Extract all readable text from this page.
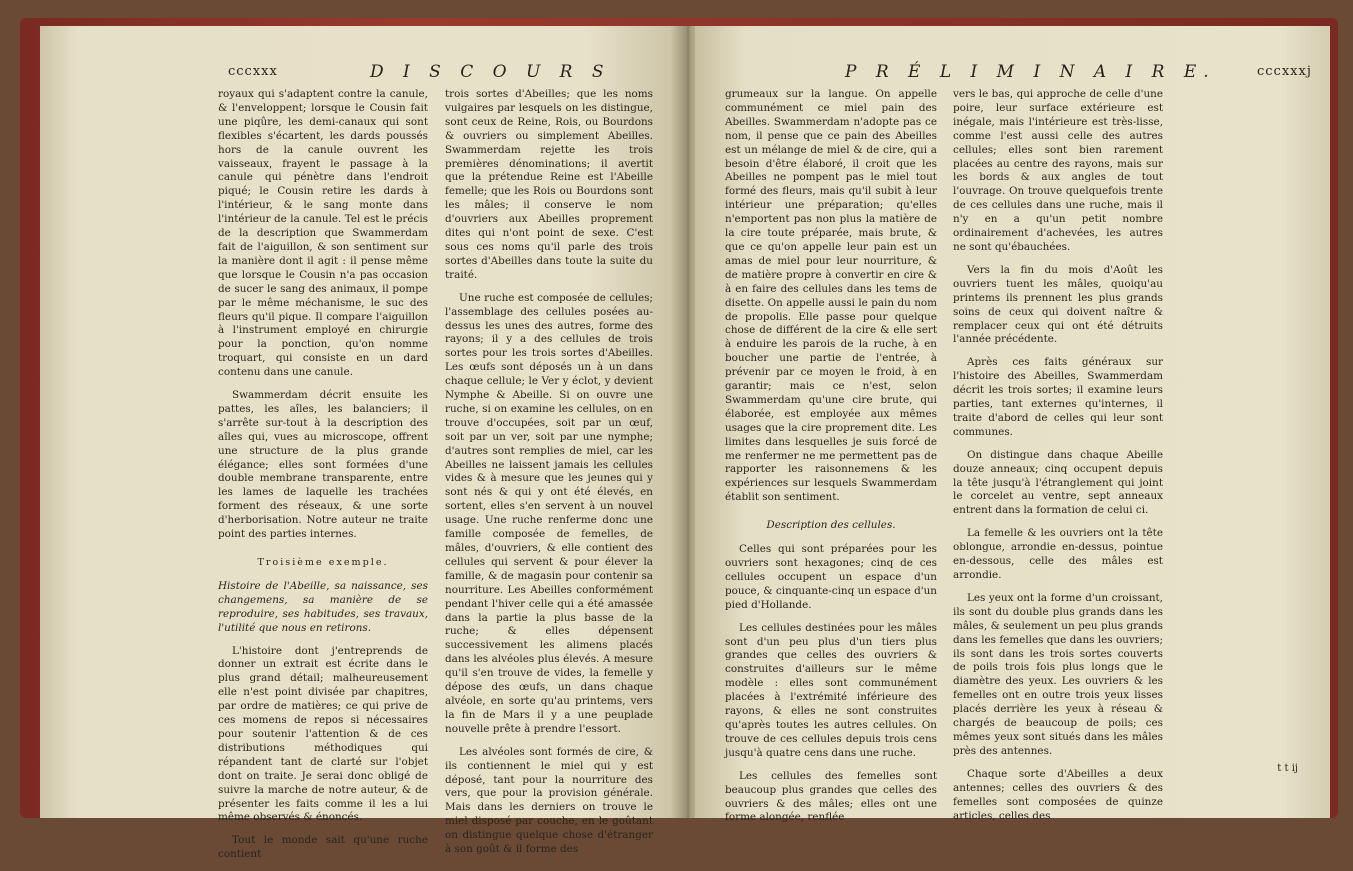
cccxxx	D I S C O U R S

royaux qui s'adaptent contre la canule, & l'enveloppent; lorsque le Cousin fait une piqûre, les demi-canaux qui sont flexibles s'écartent, les dards poussés hors de la canule ouvrent les vaisseaux, frayent le passage à la canule qui pénètre dans l'endroit piqué; le Cousin retire les dards à l'intérieur, & le sang monte dans l'intérieur de la canule. Tel est le précis de la description que Swammerdam fait de l'aiguillon, & son sentiment sur la manière dont il agit : il pense même que lorsque le Cousin n'a pas occasion de sucer le sang des animaux, il pompe par le même méchanisme, le suc des fleurs qu'il pique. Il compare l'aiguillon à l'instrument employé en chirurgie pour la ponction, qu'on nomme troquart, qui consiste en un dard contenu dans une canule.

Swammerdam décrit ensuite les pattes, les aîles, les balanciers; il s'arrête sur-tout à la description des aîles qui, vues au microscope, offrent une structure de la plus grande élégance; elles sont formées d'une double membrane transparente, entre les lames de laquelle les trachées forment des réseaux, & une sorte d'herborisation. Notre auteur ne traite point des parties internes.

Troisième exemple.

Histoire de l'Abeille, sa naissance, ses changemens, sa manière de se reproduire, ses habitudes, ses travaux, l'utilité que nous en retirons.

L'histoire dont j'entreprends de donner un extrait est écrite dans le plus grand détail; malheureusement elle n'est point divisée par chapitres, par ordre de matières; ce qui prive de ces momens de repos si nécessaires pour soutenir l'attention & de ces distributions méthodiques qui répandent tant de clarté sur l'objet dont on traite. Je serai donc obligé de suivre la marche de notre auteur, & de présenter les faits comme il les a lui même observés & énoncés.

Tout le monde sait qu'une ruche contient

trois sortes d'Abeilles; que les noms vulgaires par lesquels on les distingue, sont ceux de Reine, Rois, ou Bourdons & ouvriers ou simplement Abeilles. Swammerdam rejette les trois premières dénominations; il avertit que la prétendue Reine est l'Abeille femelle; que les Rois ou Bourdons sont les mâles; il conserve le nom d'ouvriers aux Abeilles proprement dites qui n'ont point de sexe. C'est sous ces noms qu'il parle des trois sortes d'Abeilles dans toute la suite du traité.

Une ruche est composée de cellules; l'assemblage des cellules posées au-dessus les unes des autres, forme des rayons; il y a des cellules de trois sortes pour les trois sortes d'Abeilles. Les œufs sont déposés un à un dans chaque cellule; le Ver y éclot, y devient Nymphe & Abeille. Si on ouvre une ruche, si on examine les cellules, on en trouve d'occupées, soit par un œuf, soit par un ver, soit par une nymphe; d'autres sont remplies de miel, car les Abeilles ne laissent jamais les cellules vides & à mesure que les jeunes qui y sont nés & qui y ont été élevés, en sortent, elles s'en servent à un nouvel usage. Une ruche renferme donc une famille composée de femelles, de mâles, d'ouvriers, & elle contient des cellules qui servent & pour élever la famille, & de magasin pour contenir sa nourriture. Les Abeilles conformément pendant l'hiver celle qui a été amassée dans la partie la plus basse de la ruche; & elles dépensent successivement les alimens placés dans les alvéoles plus élevés. A mesure qu'il s'en trouve de vides, la femelle y dépose des œufs, un dans chaque alvéole, en sorte qu'au printems, vers la fin de Mars il y a une peuplade nouvelle prête à prendre l'essort.

Les alvéoles sont formés de cire, & ils contiennent le miel qui y est déposé, tant pour la nourriture des vers, que pour la provision générale. Mais dans les derniers on trouve le miel disposé par couche, en le goûtant on distingue quelque chose d'étranger à son goût & il forme des

P R É L I M I N A I R E.	cccxxxj

grumeaux sur la langue. On appelle communément ce miel pain des Abeilles. Swammerdam n'adopte pas ce nom, il pense que ce pain des Abeilles est un mélange de miel & de cire, qui a besoin d'être élaboré, il croit que les Abeilles ne pompent pas le miel tout formé des fleurs, mais qu'il subit à leur intérieur une préparation; qu'elles n'emportent pas non plus la matière de la cire toute préparée, mais brute, & que ce qu'on appelle leur pain est un amas de miel pour leur nourriture, & de matière propre à convertir en cire & à en faire des cellules dans les tems de disette. On appelle aussi le pain du nom de propolis. Elle passe pour quelque chose de différent de la cire & elle sert à enduire les parois de la ruche, à en boucher une partie de l'entrée, à prévenir par ce moyen le froid, à en garantir; mais ce n'est, selon Swammerdam qu'une cire brute, qui élaborée, est employée aux mêmes usages que la cire proprement dite. Les limites dans lesquelles je suis forcé de me renfermer ne me permettent pas de rapporter les raisonnemens & les expériences sur lesquels Swammerdam établit son sentiment.

Description des cellules.

Celles qui sont préparées pour les ouvriers sont hexagones; cinq de ces cellules occupent un espace d'un pouce, & cinquante-cinq un espace d'un pied d'Hollande.

Les cellules destinées pour les mâles sont d'un peu plus d'un tiers plus grandes que celles des ouvriers & construites d'ailleurs sur le même modèle : elles sont communément placées à l'extrémité inférieure des rayons, & elles ne sont construites qu'après toutes les autres cellules. On trouve de ces cellules depuis trois cens jusqu'à quatre cens dans une ruche.

Les cellules des femelles sont beaucoup plus grandes que celles des ouvriers & des mâles; elles ont une forme alongée, renflée

vers le bas, qui approche de celle d'une poire, leur surface extérieure est inégale, mais l'intérieure est très-lisse, comme l'est aussi celle des autres cellules; elles sont bien rarement placées au centre des rayons, mais sur les bords & aux angles de tout l'ouvrage. On trouve quelquefois trente de ces cellules dans une ruche, mais il n'y en a qu'un petit nombre ordinairement d'achevées, les autres ne sont qu'ébauchées.

Vers la fin du mois d'Août les ouvriers tuent les mâles, quoiqu'au printems ils prennent les plus grands soins de ceux qui doivent naître & remplacer ceux qui ont été détruits l'année précédente.

Après ces faits généraux sur l'histoire des Abeilles, Swammerdam décrit les trois sortes; il examine leurs parties, tant externes qu'internes, il traite d'abord de celles qui leur sont communes.

On distingue dans chaque Abeille douze anneaux; cinq occupent depuis la tête jusqu'à l'étranglement qui joint le corcelet au ventre, sept anneaux entrent dans la formation de celui ci.

La femelle & les ouvriers ont la tête oblongue, arrondie en-dessus, pointue en-dessous, celle des mâles est arrondie.

Les yeux ont la forme d'un croissant, ils sont du double plus grands dans les mâles, & seulement un peu plus grands dans les femelles que dans les ouvriers; ils sont dans les trois sortes couverts de poils trois fois plus longs que le diamètre des yeux. Les ouvriers & les femelles ont en outre trois yeux lisses placés derrière les yeux à réseau & chargés de beaucoup de poils; ces mêmes yeux sont situés dans les mâles près des antennes.

Chaque sorte d'Abeilles a deux antennes; celles des ouvriers & des femelles sont composées de quinze articles, celles des

t t ij
